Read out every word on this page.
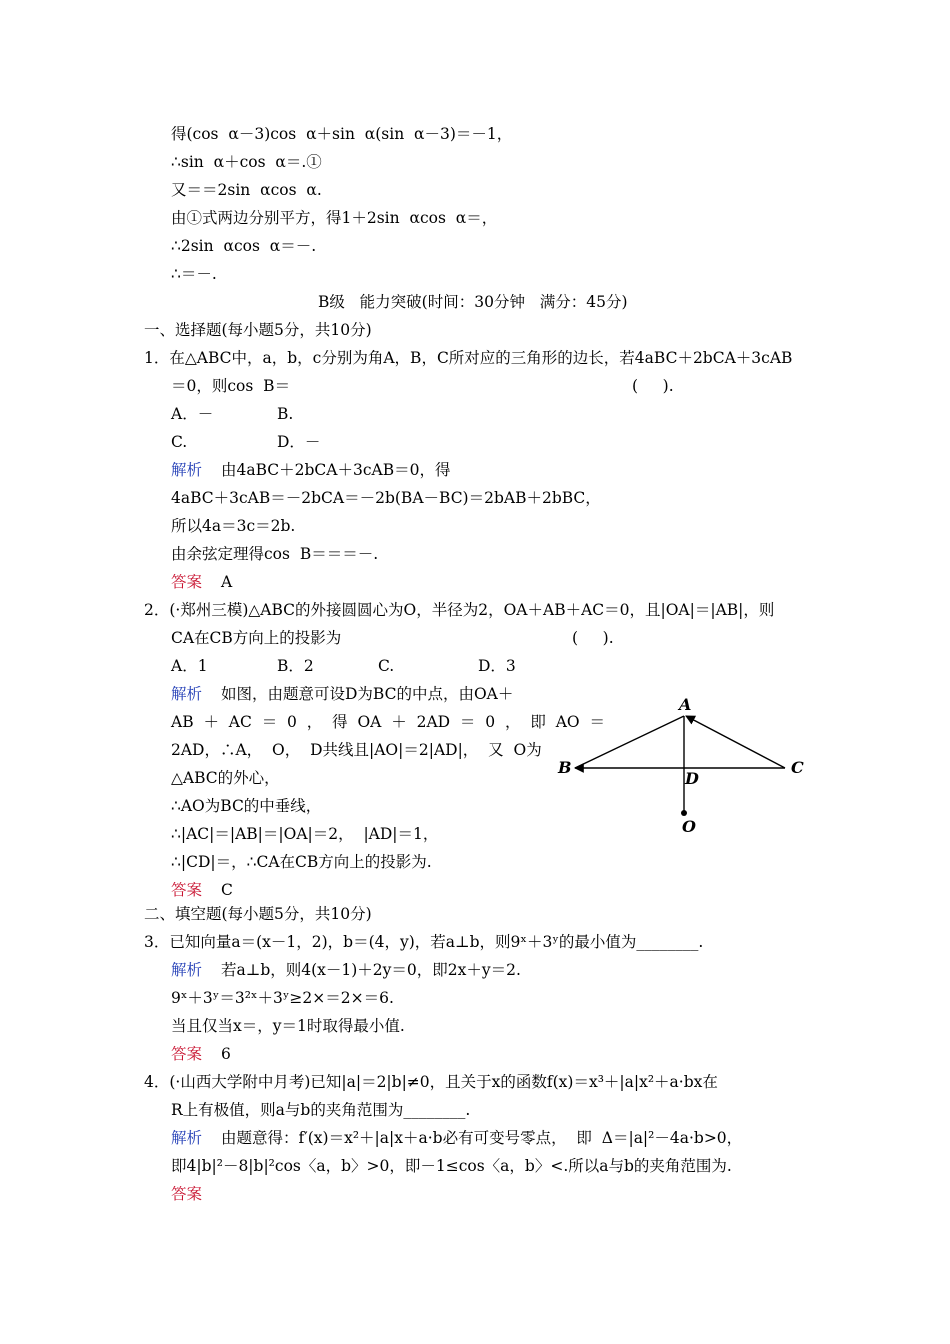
得(cos  α－3)cos  α＋sin  α(sin  α－3)＝－1，
∴sin  α＋cos  α＝.①
又＝＝2sin  αcos  α.
由①式两边分别平方，得1＋2sin  αcos  α＝，
∴2sin  αcos  α＝－.
∴＝－.
B级   能力突破(时间：30分钟   满分：45分)
一、选择题(每小题5分，共10分)
1．在△ABC中，a，b，c分别为角A，B，C所对应的三角形的边长，若4aBC＋2bCA＋3cAB
＝0，则cos  B＝	(     ).
A．－	B.
C.	D．－
解析 由4aBC＋2bCA＋3cAB＝0，得
4aBC＋3cAB＝－2bCA＝－2b(BA－BC)＝2bAB＋2bBC，
所以4a＝3c＝2b.
由余弦定理得cos  B＝＝＝－.
答案 A
2．(·郑州三模)△ABC的外接圆圆心为O，半径为2，OA＋AB＋AC＝0，且|OA|＝|AB|，则
CA在CB方向上的投影为	(     ).
A．1	B．2	C.	D．3
解析 如图，由题意可设D为BC的中点，由OA＋
AB  ＋  AC  ＝  0  ，  得  OA  ＋  2AD  ＝  0  ，  即  AO  ＝
2AD，∴A，  O，  D共线且|AO|＝2|AD|，  又  O为
△ABC的外心，
∴AO为BC的中垂线，
∴|AC|＝|AB|＝|OA|＝2，  |AD|＝1，
∴|CD|＝，∴CA在CB方向上的投影为.
答案 C
A
B	C
D
O
二、填空题(每小题5分，共10分)
3．已知向量a＝(x－1，2)，b＝(4，y)，若a⊥b，则9ˣ＋3ʸ的最小值为________.
解析 若a⊥b，则4(x－1)＋2y＝0，即2x＋y＝2.
9ˣ＋3ʸ＝3²ˣ＋3ʸ≥2×＝2×＝6.
当且仅当x＝，y＝1时取得最小值.
答案 6
4．(·山西大学附中月考)已知|a|＝2|b|≠0，且关于x的函数f(x)＝x³＋|a|x²＋a·bx在
R上有极值，则a与b的夹角范围为________.
解析 由题意得：f′(x)＝x²＋|a|x＋a·b必有可变号零点，  即  Δ＝|a|²－4a·b>0，
即4|b|²－8|b|²cos〈a，b〉>0，即－1≤cos〈a，b〉<.所以a与b的夹角范围为.
答案
